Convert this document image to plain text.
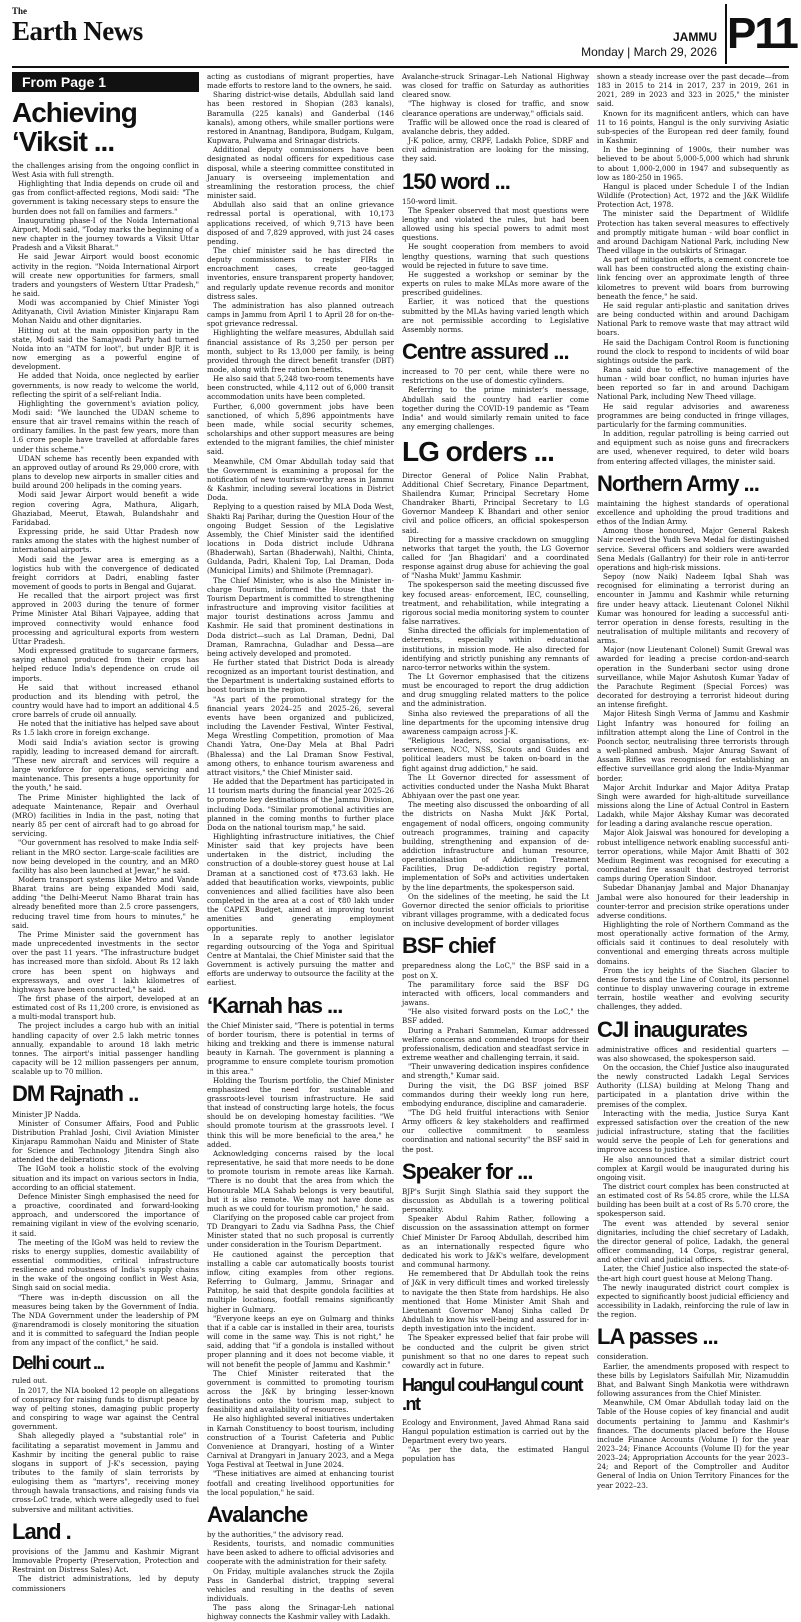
The
Earth News	JAMMU
Monday | March 29, 2026 P11
From Page 1
Achieving ‘Viksit ...

the challenges arising from the ongoing conflict in West Asia with full strength.

Highlighting that India depends on crude oil and gas from conflict-affected regions, Modi said: "The government is taking necessary steps to ensure the burden does not fall on families and farmers."

Inaugurating phase-I of the Noida International Airport, Modi said, "Today marks the beginning of a new chapter in the journey towards a Viksit Uttar Pradesh and a Viksit Bharat."

He said Jewar Airport would boost economic activity in the region. "Noida International Airport will create new opportunities for farmers, small traders and youngsters of Western Uttar Pradesh," he said.

Modi was accompanied by Chief Minister Yogi Adityanath, Civil Aviation Minister Kinjarapu Ram Mohan Naidu and other dignitaries.

Hitting out at the main opposition party in the state, Modi said the Samajwadi Party had turned Noida into an "ATM for loot", but under BJP, it is now emerging as a powerful engine of development.

He added that Noida, once neglected by earlier governments, is now ready to welcome the world, reflecting the spirit of a self-reliant India.

Highlighting the government's aviation policy, Modi said: "We launched the UDAN scheme to ensure that air travel remains within the reach of ordinary families. In the past few years, more than 1.6 crore people have travelled at affordable fares under this scheme."

UDAN scheme has recently been expanded with an approved outlay of around Rs 29,000 crore, with plans to develop new airports in smaller cities and build around 200 helipads in the coming years.

Modi said Jewar Airport would benefit a wide region covering Agra, Mathura, Aligarh, Ghaziabad, Meerut, Etawah, Bulandshahr and Faridabad.

Expressing pride, he said Uttar Pradesh now ranks among the states with the highest number of international airports.

Modi said the Jewar area is emerging as a logistics hub with the convergence of dedicated freight corridors at Dadri, enabling faster movement of goods to ports in Bengal and Gujarat.

He recalled that the airport project was first approved in 2003 during the tenure of former Prime Minister Atal Bihari Vajpayee, adding that improved connectivity would enhance food processing and agricultural exports from western Uttar Pradesh.

Modi expressed gratitude to sugarcane farmers, saying ethanol produced from their crops has helped reduce India's dependence on crude oil imports.

He said that without increased ethanol production and its blending with petrol, the country would have had to import an additional 4.5 crore barrels of crude oil annually.

He noted that the initiative has helped save about Rs 1.5 lakh crore in foreign exchange.

Modi said India's aviation sector is growing rapidly, leading to increased demand for aircraft. "These new aircraft and services will require a large workforce for operations, servicing and maintenance. This presents a huge opportunity for the youth," he said.

The Prime Minister highlighted the lack of adequate Maintenance, Repair and Overhaul (MRO) facilities in India in the past, noting that nearly 85 per cent of aircraft had to go abroad for servicing.

"Our government has resolved to make India self-reliant in the MRO sector. Large-scale facilities are now being developed in the country, and an MRO facility has also been launched at Jewar," he said.

Modern transport systems like Metro and Vande Bharat trains are being expanded Modi said, adding "the Delhi-Meerut Namo Bharat train has already benefited more than 2.5 crore passengers, reducing travel time from hours to minutes," he said.

The Prime Minister said the government has made unprecedented investments in the sector over the past 11 years. "The infrastructure budget has increased more than sixfold. About Rs 12 lakh crore has been spent on highways and expressways, and over 1 lakh kilometres of highways have been constructed," he said.

The first phase of the airport, developed at an estimated cost of Rs 11,200 crore, is envisioned as a multi-modal transport hub.

The project includes a cargo hub with an initial handling capacity of over 2.5 lakh metric tonnes annually, expandable to around 18 lakh metric tonnes. The airport's initial passenger handling capacity will be 12 million passengers per annum, scalable up to 70 million.

DM Rajnath ..

Minister JP Nadda.

Minister of Consumer Affairs, Food and Public Distribution Prahlad Joshi, Civil Aviation Minister Kinjarapu Rammohan Naidu and Minister of State for Science and Technology Jitendra Singh also attended the deliberations.

The IGoM took a holistic stock of the evolving situation and its impact on various sectors in India, according to an official statement.

Defence Minister Singh emphasised the need for a proactive, coordinated and forward-looking approach, and underscored the importance of remaining vigilant in view of the evolving scenario, it said.

The meeting of the IGoM was held to review the risks to energy supplies, domestic availability of essential commodities, critical infrastructure resilience and robustness of India's supply chains in the wake of the ongoing conflict in West Asia, Singh said on social media.

"There was in-depth discussion on all the measures being taken by the Government of India. The NDA Government under the leadership of PM @narendramodi is closely monitoring the situation and it is committed to safeguard the Indian people from any impact of the conflict," he said.

Delhi court ...

ruled out.

In 2017, the NIA booked 12 people on allegations of conspiracy for raising funds to disrupt peace by way of pelting stones, damaging public property and conspiring to wage war against the Central government.

Shah allegedly played a "substantial role" in facilitating a separatist movement in Jammu and Kashmir by inciting the general public to raise slogans in support of J-K's secession, paying tributes to the family of slain terrorists by eulogising them as "martyrs", receiving money through hawala transactions, and raising funds via cross-LoC trade, which were allegedly used to fuel subversive and militant activities.

Land .

provisions of the Jammu and Kashmir Migrant Immovable Property (Preservation, Protection and Restraint on Distress Sales) Act.

The district administrations, led by deputy commissioners

acting as custodians of migrant properties, have made efforts to restore land to the owners, he said.

Sharing district-wise details, Abdullah said land has been restored in Shopian (283 kanals), Baramulla (225 kanals) and Ganderbal (146 kanals), among others, while smaller portions were restored in Anantnag, Bandipora, Budgam, Kulgam, Kupwara, Pulwama and Srinagar districts.

Additional deputy commissioners have been designated as nodal officers for expeditious case disposal, while a steering committee constituted in January is overseeing implementation and streamlining the restoration process, the chief minister said.

Abdullah also said that an online grievance redressal portal is operational, with 10,173 applications received, of which 9,713 have been disposed of and 7,829 approved, with just 24 cases pending.

The chief minister said he has directed the deputy commissioners to register FIRs in encroachment cases, create geo-tagged inventories, ensure transparent property handover, and regularly update revenue records and monitor distress sales.

The administration has also planned outreach camps in Jammu from April 1 to April 28 for on-the-spot grievance redressal.

Highlighting the welfare measures, Abdullah said financial assistance of Rs 3,250 per person per month, subject to Rs 13,000 per family, is being provided through the direct benefit transfer (DBT) mode, along with free ration benefits.

He also said that 5,248 two-room tenements have been constructed, while 4,112 out of 6,000 transit accommodation units have been completed.

Further, 6,000 government jobs have been sanctioned, of which 5,896 appointments have been made, while social security schemes, scholarships and other support measures are being extended to the migrant families, the chief minister said.

Meanwhile, CM Omar Abdullah today said that the Government is examining a proposal for the notification of new tourism-worthy areas in Jammu & Kashmir, including several locations in District Doda.

Replying to a question raised by MLA Doda West, Shakti Raj Parihar, during the Question Hour of the ongoing Budget Session of the Legislative Assembly, the Chief Minister said the identified locations in Doda district include Udhrana (Bhaderwah), Sartan (Bhaderwah), Nalthi, Chinta, Guldanda, Padri, Khaleni Top, Lal Draman, Doda (Municipal Limits) and Shilmote (Premnagar).

The Chief Minister, who is also the Minister in-charge Tourism, informed the House that the Tourism Department is committed to strengthening infrastructure and improving visitor facilities at major tourist destinations across Jammu and Kashmir. He said that prominent destinations in Doda district—such as Lal Draman, Dedni, Dal Draman, Ramrachna, Guladhar and Dessa—are being actively developed and promoted.

He further stated that District Doda is already recognized as an important tourist destination, and the Department is undertaking sustained efforts to boost tourism in the region.

"As part of the promotional strategy for the financial years 2024–25 and 2025–26, several events have been organized and publicized, including the Lavender Festival, Winter Festival, Mega Wrestling Competition, promotion of Maa Chandi Yatra, One-Day Mela at Bhal Padri (Bhalessa) and the Lal Draman Snow Festival, among others, to enhance tourism awareness and attract visitors," the Chief Minister said.

He added that the Department has participated in 11 tourism marts during the financial year 2025–26 to promote key destinations of the Jammu Division, including Doda. "Similar promotional activities are planned in the coming months to further place Doda on the national tourism map," he said.

Highlighting infrastructure initiatives, the Chief Minister said that key projects have been undertaken in the district, including the construction of a double-storey guest house at Lal Draman at a sanctioned cost of ₹73.63 lakh. He added that beautification works, viewpoints, public conveniences and allied facilities have also been completed in the area at a cost of ₹80 lakh under the CAPEX Budget, aimed at improving tourist amenities and generating employment opportunities.

In a separate reply to another legislator regarding outsourcing of the Yoga and Spiritual Centre at Mantalai, the Chief Minister said that the Government is actively pursuing the matter and efforts are underway to outsource the facility at the earliest.

‘Karnah has ...

the Chief Minister said, "There is potential in terms of border tourism, there is potential in terms of hiking and trekking and there is immense natural beauty in Karnah. The government is planning a programme to ensure complete tourism promotion in this area."

Holding the Tourism portfolio, the Chief Minister emphasized the need for sustainable and grassroots-level tourism infrastructure. He said that instead of constructing large hotels, the focus should be on developing homestay facilities. "We should promote tourism at the grassroots level. I think this will be more beneficial to the area," he added.

Acknowledging concerns raised by the local representative, he said that more needs to be done to promote tourism in remote areas like Karnah. "There is no doubt that the area from which the Honourable MLA Sahab belongs is very beautiful, but it is also remote. We may not have done as much as we could for tourism promotion," he said.

Clarifying on the proposed cable car project from TD Drangyari to Zadu via Sadhna Pass, the Chief Minister stated that no such proposal is currently under consideration in the Tourism Department.

He cautioned against the perception that installing a cable car automatically boosts tourist inflow, citing examples from other regions. Referring to Gulmarg, Jammu, Srinagar and Patnitop, he said that despite gondola facilities at multiple locations, footfall remains significantly higher in Gulmarg.

"Everyone keeps an eye on Gulmarg and thinks that if a cable car is installed in their area, tourists will come in the same way. This is not right," he said, adding that "if a gondola is installed without proper planning and it does not become viable, it will not benefit the people of Jammu and Kashmir."

The Chief Minister reiterated that the government is committed to promoting tourism across the J&K by bringing lesser-known destinations onto the tourism map, subject to feasibility and availability of resources.

He also highlighted several initiatives undertaken in Karnah Constituency to boost tourism, including construction of a Tourist Cafeteria and Public Convenience at Drangyari, hosting of a Winter Carnival at Drangyari in January 2023, and a Mega Yoga Festival at Teetwal in June 2024.

"These initiatives are aimed at enhancing tourist footfall and creating livelihood opportunities for the local population," he said.

Avalanche

by the authorities," the advisory read.

Residents, tourists, and nomadic communities have been asked to adhere to official advisories and cooperate with the administration for their safety.

On Friday, multiple avalanches struck the Zojila Pass in Ganderbal district, trapping several vehicles and resulting in the deaths of seven individuals.

The pass along the Srinagar-Leh national highway connects the Kashmir valley with Ladakh.

Avalanche-struck Srinagar–Leh National Highway was closed for traffic on Saturday as authorities cleared snow.

"The highway is closed for traffic, and snow clearance operations are underway," officials said.

Traffic will be allowed once the road is cleared of avalanche debris, they added.

J-K police, army, CRPF, Ladakh Police, SDRF and civil administration are looking for the missing, they said.

150 word ...

150-word limit.

The Speaker observed that most questions were lengthy and violated the rules, but had been allowed using his special powers to admit most questions.

He sought cooperation from members to avoid lengthy questions, warning that such questions would be rejected in future to save time.

He suggested a workshop or seminar by the experts on rules to make MLAs more aware of the prescribed guidelines.

Earlier, it was noticed that the questions submitted by the MLAs having varied length which are not permissible according to Legislative Assembly norms.

Centre assured ...

increased to 70 per cent, while there were no restrictions on the use of domestic cylinders.

Referring to the prime minister's message, Abdullah said the country had earlier come together during the COVID-19 pandemic as "Team India" and would similarly remain united to face any emerging challenges.

LG orders ...

Director General of Police Nalin Prabhat, Additional Chief Secretary, Finance Department, Shailendra Kumar, Principal Secretary Home Chandraker Bharti, Principal Secretary to LG Governor Mandeep K Bhandari and other senior civil and police officers, an official spokesperson said.

Directing for a massive crackdown on smuggling networks that target the youth, the LG Governor called for 'Jan Bhagidari' and a coordinated response against drug abuse for achieving the goal of "Nasha Mukt' Jammu Kashmir.

The spokesperson said the meeting discussed five key focused areas- enforcement, IEC, counselling, treatment, and rehabilitation, while integrating a rigorous social media monitoring system to counter false narratives.

Sinha directed the officials for implementation of deterrents, especially within educational institutions, in mission mode. He also directed for identifying and strictly punishing any remnants of narco-terror networks within the system.

The Lt Governor emphasised that the citizens must be encouraged to report the drug addiction and drug smuggling related matters to the police and the administration.

Sinha also reviewed the preparations of all the line departments for the upcoming intensive drug awareness campaign across J-K.

"Religious leaders, social organisations, ex-servicemen, NCC, NSS, Scouts and Guides and political leaders must be taken on-board in the fight against drug addiction," he said.

The Lt Governor directed for assessment of activities conducted under the Nasha Mukt Bharat Abhiyaan over the past one year.

The meeting also discussed the onboarding of all the districts on Nasha Mukt J&K Portal, engagement of nodal officers, ongoing community outreach programmes, training and capacity building, strengthening and expansion of de-addiction infrastructure and human resource, operationalisation of Addiction Treatment Facilities, Drug De-addiction registry portal, implementation of SoPs and activities undertaken by the line departments, the spokesperson said.

On the sidelines of the meeting, he said the Lt Governor directed the senior officials to prioritise vibrant villages programme, with a dedicated focus on inclusive development of border villages

BSF chief

preparedness along the LoC," the BSF said in a post on X.

The paramilitary force said the BSF DG interacted with officers, local commanders and jawans.

"He also visited forward posts on the LoC," the BSF added.

During a Prahari Sammelan, Kumar addressed welfare concerns and commended troops for their professionalism, dedication and steadfast service in extreme weather and challenging terrain, it said.

"Their unwavering dedication inspires confidence and strength," Kumar said.

During the visit, the DG BSF joined BSF commandos during their weekly long run here, embodying endurance, discipline and camaraderie.

"The DG held fruitful interactions with Senior Army officers & key stakeholders and reaffirmed our collective commitment to seamless coordination and national security" the BSF said in the post.

Speaker for ...

BJP's Surjit Singh Slathia said they support the discussion as Abdullah is a towering political personality.

Speaker Abdul Rahim Rather, following a discussion on the assassination attempt on former Chief Minister Dr Farooq Abdullah, described him as an internationally respected figure who dedicated his work to J&K's welfare, development and communal harmony.

He remembered that Dr Abdullah took the reins of J&K in very difficult times and worked tirelessly to navigate the then State from hardships. He also mentioned that Home Minister Amit Shah and Lieutenant Governor Manoj Sinha called Dr Abdullah to know his well-being and assured for in-depth investigation into the incident.

The Speaker expressed belief that fair probe will be conducted and the culprit be given strict punishment so that no one dares to repeat such cowardly act in future.

Hangul couHangul count .nt

Ecology and Environment, Javed Ahmad Rana said Hangul population estimation is carried out by the Department every two years.

"As per the data, the estimated Hangul population has

shown a steady increase over the past decade—from 183 in 2015 to 214 in 2017, 237 in 2019, 261 in 2021, 289 in 2023 and 323 in 2025," the minister said.

Known for its magnificent antlers, which can have 11 to 16 points, Hangul is the only surviving Asiatic sub-species of the European red deer family, found in Kashmir.

In the beginning of 1900s, their number was believed to be about 5,000-5,000 which had shrunk to about 1,000-2,000 in 1947 and subsequently as low as 180-250 in 1965.

Hangul is placed under Schedule I of the Indian Wildlife (Protection) Act, 1972 and the J&K Wildlife Protection Act, 1978.

The minister said the Department of Wildlife Protection has taken several measures to effectively and promptly mitigate human - wild boar conflict in and around Dachigam National Park, including New Theed village in the outskirts of Srinagar.

As part of mitigation efforts, a cement concrete toe wall has been constructed along the existing chain-link fencing over an approximate length of three kilometres to prevent wild boars from burrowing beneath the fence," he said.

He said regular anti-plastic and sanitation drives are being conducted within and around Dachigam National Park to remove waste that may attract wild boars.

He said the Dachigam Control Room is functioning round the clock to respond to incidents of wild boar sightings outside the park.

Rana said due to effective management of the human - wild boar conflict, no human injuries have been reported so far in and around Dachigam National Park, including New Theed village.

He said regular advisories and awareness programmes are being conducted in fringe villages, particularly for the farming communities.

In addition, regular patrolling is being carried out and equipment such as noise guns and firecrackers are used, whenever required, to deter wild boars from entering affected villages, the minister said.

Northern Army ...

maintaining the highest standards of operational excellence and upholding the proud traditions and ethos of the Indian Army.

Among those honoured, Major General Rakesh Nair received the Yudh Seva Medal for distinguished service. Several officers and soldiers were awarded Sena Medals (Gallantry) for their role in anti-terror operations and high-risk missions.

Sepoy (now Naik) Nadeem Iqbal Shah was recognised for eliminating a terrorist during an encounter in Jammu and Kashmir while returning fire under heavy attack. Lieutenant Colonel Nikhil Kumar was honoured for leading a successful anti-terror operation in dense forests, resulting in the neutralisation of multiple militants and recovery of arms.

Major (now Lieutenant Colonel) Sumit Grewal was awarded for leading a precise cordon-and-search operation in the Sunderbani sector using drone surveillance, while Major Ashutosh Kumar Yadav of the Parachute Regiment (Special Forces) was decorated for destroying a terrorist hideout during an intense firefight.

Major Hitesh Singh Verma of Jammu and Kashmir Light Infantry was honoured for foiling an infiltration attempt along the Line of Control in the Poonch sector, neutralising three terrorists through a well-planned ambush. Major Anurag Sawant of Assam Rifles was recognised for establishing an effective surveillance grid along the India-Myanmar border.

Major Archit Indurkar and Major Aditya Pratap Singh were awarded for high-altitude surveillance missions along the Line of Actual Control in Eastern Ladakh, while Major Akshay Kumar was decorated for leading a daring avalanche rescue operation.

Major Alok Jaiswal was honoured for developing a robust intelligence network enabling successful anti-terror operations, while Major Amit Bhatti of 302 Medium Regiment was recognised for executing a coordinated fire assault that destroyed terrorist camps during Operation Sindoor.

Subedar Dhananjay Jambal and Major Dhananjay Jambal were also honoured for their leadership in counter-terror and precision strike operations under adverse conditions.

Highlighting the role of Northern Command as the most operationally active formation of the Army, officials said it continues to deal resolutely with conventional and emerging threats across multiple domains.

From the icy heights of the Siachen Glacier to dense forests and the Line of Control, its personnel continue to display unwavering courage in extreme terrain, hostile weather and evolving security challenges, they added.

CJI inaugurates

administrative offices and residential quarters — was also showcased, the spokesperson said.

On the occasion, the Chief Justice also inaugurated the newly constructed Ladakh Legal Services Authority (LLSA) building at Melong Thang and participated in a plantation drive within the premises of the complex.

Interacting with the media, Justice Surya Kant expressed satisfaction over the creation of the new judicial infrastructure, stating that the facilities would serve the people of Leh for generations and improve access to justice.

He also announced that a similar district court complex at Kargil would be inaugurated during his ongoing visit.

The district court complex has been constructed at an estimated cost of Rs 54.85 crore, while the LLSA building has been built at a cost of Rs 5.70 crore, the spokesperson said.

The event was attended by several senior dignitaries, including the chief secretary of Ladakh, the director general of police, Ladakh, the general officer commanding, 14 Corps, registrar general, and other civil and judicial officers.

Later, the Chief Justice also inspected the state-of-the-art high court guest house at Melong Thang.

The newly inaugurated district court complex is expected to significantly boost judicial efficiency and accessibility in Ladakh, reinforcing the rule of law in the region.

LA passes ...

consideration.

Earlier, the amendments proposed with respect to these bills by Legislators Saifullah Mir, Nizamuddin Bhat, and Balwant Singh Mankotia were withdrawn following assurances from the Chief Minister.

Meanwhile, CM Omar Abdullah today laid on the Table of the House copies of key financial and audit documents pertaining to Jammu and Kashmir's finances. The documents placed before the House include Finance Accounts (Volume I) for the year 2023–24; Finance Accounts (Volume II) for the year 2023–24; Appropriation Accounts for the year 2023–24; and Report of the Comptroller and Auditor General of India on Union Territory Finances for the year 2022–23.
